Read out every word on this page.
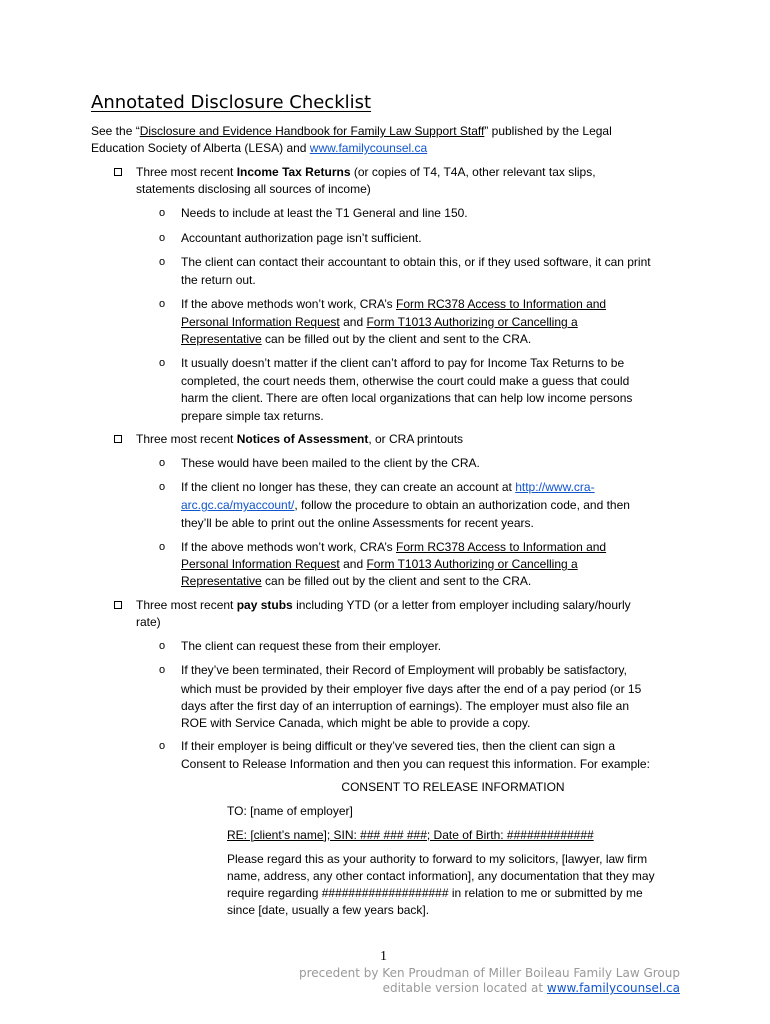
Annotated Disclosure Checklist
See the “Disclosure and Evidence Handbook for Family Law Support Staff” published by the Legal
Education Society of Alberta (LESA) and www.familycounsel.ca
Three most recent Income Tax Returns (or copies of T4, T4A, other relevant tax slips,
statements disclosing all sources of income)
o Needs to include at least the T1 General and line 150.
o Accountant authorization page isn’t sufficient.
o The client can contact their accountant to obtain this, or if they used software, it can print
the return out.
o If the above methods won’t work, CRA’s Form RC378 Access to Information and
Personal Information Request and Form T1013 Authorizing or Cancelling a
Representative can be filled out by the client and sent to the CRA.
o It usually doesn’t matter if the client can’t afford to pay for Income Tax Returns to be
completed, the court needs them, otherwise the court could make a guess that could
harm the client. There are often local organizations that can help low income persons
prepare simple tax returns.
Three most recent Notices of Assessment, or CRA printouts
o These would have been mailed to the client by the CRA.
o If the client no longer has these, they can create an account at http://www.cra-
arc.gc.ca/myaccount/, follow the procedure to obtain an authorization code, and then
they’ll be able to print out the online Assessments for recent years.
o If the above methods won’t work, CRA’s Form RC378 Access to Information and
Personal Information Request and Form T1013 Authorizing or Cancelling a
Representative can be filled out by the client and sent to the CRA.
Three most recent pay stubs including YTD (or a letter from employer including salary/hourly
rate)
o The client can request these from their employer.
o If they’ve been terminated, their Record of Employment will probably be satisfactory,
which must be provided by their employer five days after the end of a pay period (or 15
days after the first day of an interruption of earnings). The employer must also file an
ROE with Service Canada, which might be able to provide a copy.
o If their employer is being difficult or they’ve severed ties, then the client can sign a
Consent to Release Information and then you can request this information. For example:
CONSENT TO RELEASE INFORMATION
TO: [name of employer]
RE: [client’s name]; SIN: ### ### ###; Date of Birth: #############
Please regard this as your authority to forward to my solicitors, [lawyer, law firm
name, address, any other contact information], any documentation that they may
require regarding ################### in relation to me or submitted by me
since [date, usually a few years back].
1
precedent by Ken Proudman of Miller Boileau Family Law Group
editable version located at www.familycounsel.ca
